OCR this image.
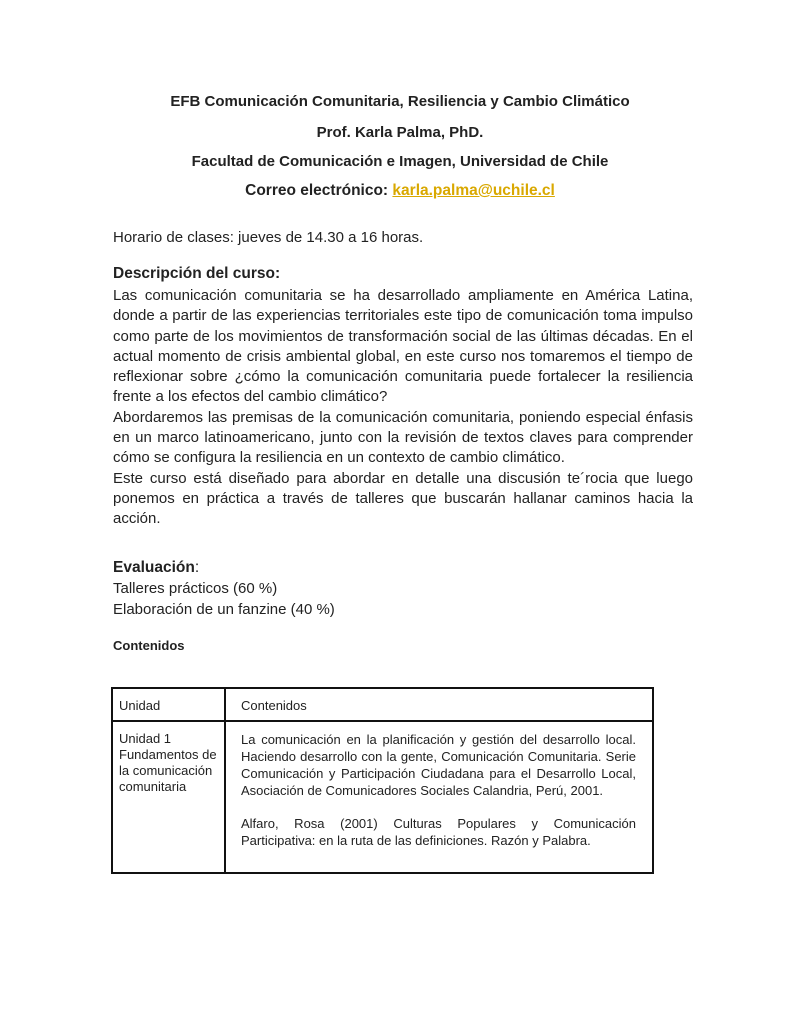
EFB Comunicación Comunitaria, Resiliencia y Cambio Climático
Prof. Karla Palma, PhD.
Facultad de Comunicación e Imagen, Universidad de Chile
Correo electrónico: karla.palma@uchile.cl
Horario de clases: jueves de 14.30 a 16 horas.
Descripción del curso:

Las comunicación comunitaria se ha desarrollado ampliamente en América Latina, donde a partir de las experiencias territoriales este tipo de comunicación toma impulso como parte de los movimientos de transformación social de las últimas décadas. En el actual momento de crisis ambiental global, en este curso nos tomaremos el tiempo de reflexionar sobre ¿cómo la comunicación comunitaria puede fortalecer la resiliencia frente a los efectos del cambio climático?

Abordaremos las premisas de la comunicación comunitaria, poniendo especial énfasis en un marco latinoamericano, junto con la revisión de textos claves para comprender cómo se configura la resiliencia en un contexto de cambio climático.

Este curso está diseñado para abordar en detalle una discusión te´rocia que luego ponemos en práctica a través de talleres que buscarán hallanar caminos hacia la acción.

Evaluación:
Talleres prácticos (60 %)
Elaboración de un fanzine (40 %)
Contenidos
Unidad	Contenidos

Unidad 1 Fundamentos de la comunicación comunitaria	La comunicación en la planificación y gestión del desarrollo local. Haciendo desarrollo con la gente, Comunicación Comunitaria. Serie Comunicación y Participación Ciudadana para el Desarrollo Local, Asociación de Comunicadores Sociales Calandria, Perú, 2001.

Alfaro, Rosa (2001) Culturas Populares y Comunicación Participativa: en la ruta de las definiciones. Razón y Palabra.
